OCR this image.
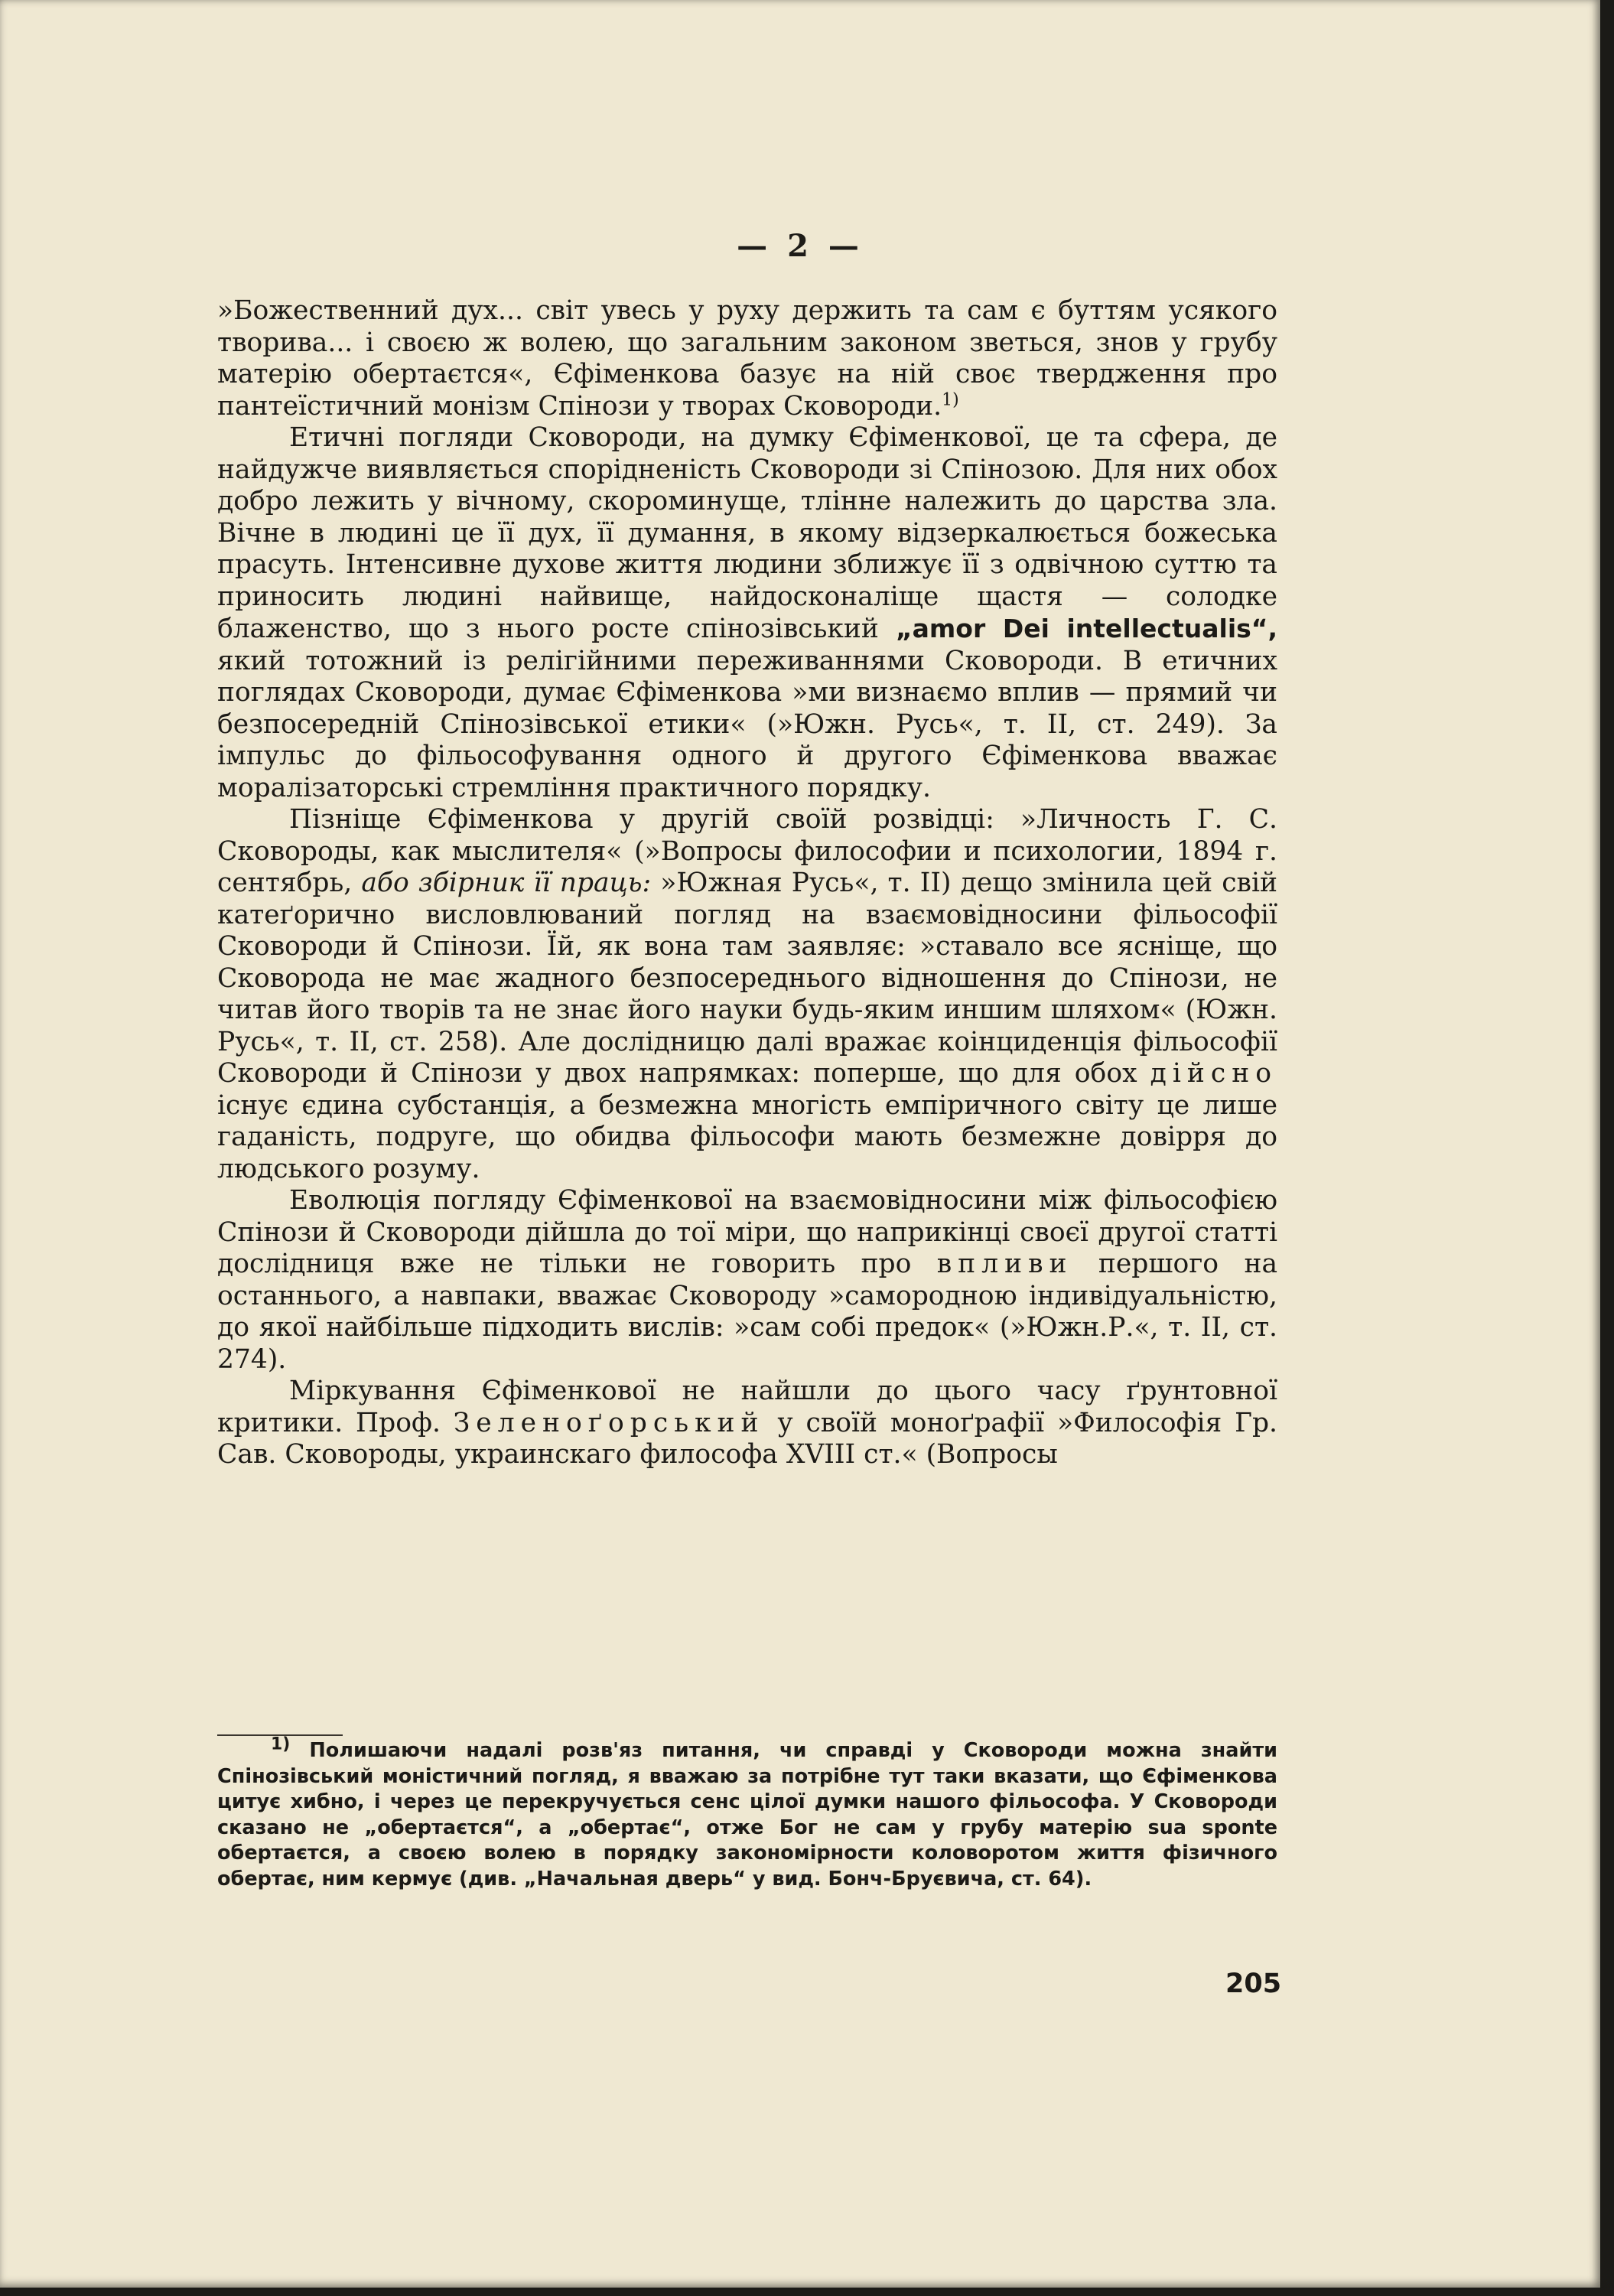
— 2 —

»Божественний дух... світ увесь у руху держить та сам є буттям усякого творива... і своєю ж волею, що загальним законом зветься, знов у грубу матерію обертаєтся«, Єфіменкова базує на ній своє твердження про пантеїстичний монізм Спінози у творах Сковороди.$^{1)}$

Етичні погляди Сковороди, на думку Єфіменкової, це та сфера, де найдужче виявляється спорідненість Сковороди зі Спінозою. Для них обох добро лежить у вічному, скороминуще, тлінне належить до царства зла. Вічне в людині це її дух, її думання, в якому відзеркалюється божеська прасуть. Інтенсивне духове життя людини зближує її з одвічною суттю та приносить людині найвище, найдосконаліще щастя — солодке блаженство, що з нього росте спінозівський „amor Dei intellectualis“, який тотожний із релігійними переживаннями Сковороди. В етичних поглядах Сковороди, думає Єфіменкова »ми визнаємо вплив — прямий чи безпосередній Спінозівської етики« (»Южн. Русь«, т. II, ст. 249). За імпульс до фільософування одного й другого Єфіменкова вважає моралізаторські стремління практичного порядку.

Пізніще Єфіменкова у другій своїй розвідці: »Личность Г. С. Сковороды, как мыслителя« (»Вопросы философии и психологии, 1894 г. сентябрь, або збірник її праць: »Южная Русь«, т. II) дещо змінила цей свій катеґорично висловлюваний погляд на взаємовідносини фільософії Сковороди й Спінози. Їй, як вона там заявляє: »ставало все ясніще, що Сковорода не має жадного безпосереднього відношення до Спінози, не читав його творів та не знає його науки будь-яким иншим шляхом« (Южн. Русь«, т. II, ст. 258). Але дослідницю далі вражає коінциденція фільософії Сковороди й Спінози у двох напрямках: поперше, що для обох дійсно існує єдина субстанція, а безмежна многість емпіричного світу це лише гаданість, подруге, що обидва фільософи мають безмежне довірря до людського розуму.

Еволюція погляду Єфіменкової на взаємовідносини між фільософією Спінози й Сковороди дійшла до тої міри, що наприкінці своєї другої статті дослідниця вже не тільки не говорить про впливи першого на останнього, а навпаки, вважає Сковороду »самородною індивідуальністю, до якої найбільше підходить вислів: »сам собі предок« (»Южн.Р.«, т. II, ст. 274).

Міркування Єфіменкової не найшли до цього часу ґрунтовної критики. Проф. Зеленоґорський у своїй моноґрафії »Философія Гр. Сав. Сковороды, украинскаго философа XVIII ст.« (Вопросы

$^{1)}$ Полишаючи надалі розв'яз питання, чи справді у Сковороди можна знайти Спінозівський моністичний погляд, я вважаю за потрібне тут таки вказати, що Єфіменкова цитує хибно, і через це перекручується сенс цілої думки нашого фільософа. У Сковороди сказано не „обертаєтся“, а „обертає“, отже Бог не сам у грубу матерію sua sponte обертаєтся, а своєю волею в порядку закономірности коловоротом життя фізичного обертає, ним кермує (див. „Начальная дверь“ у вид. Бонч-Бруєвича, ст. 64).

205
